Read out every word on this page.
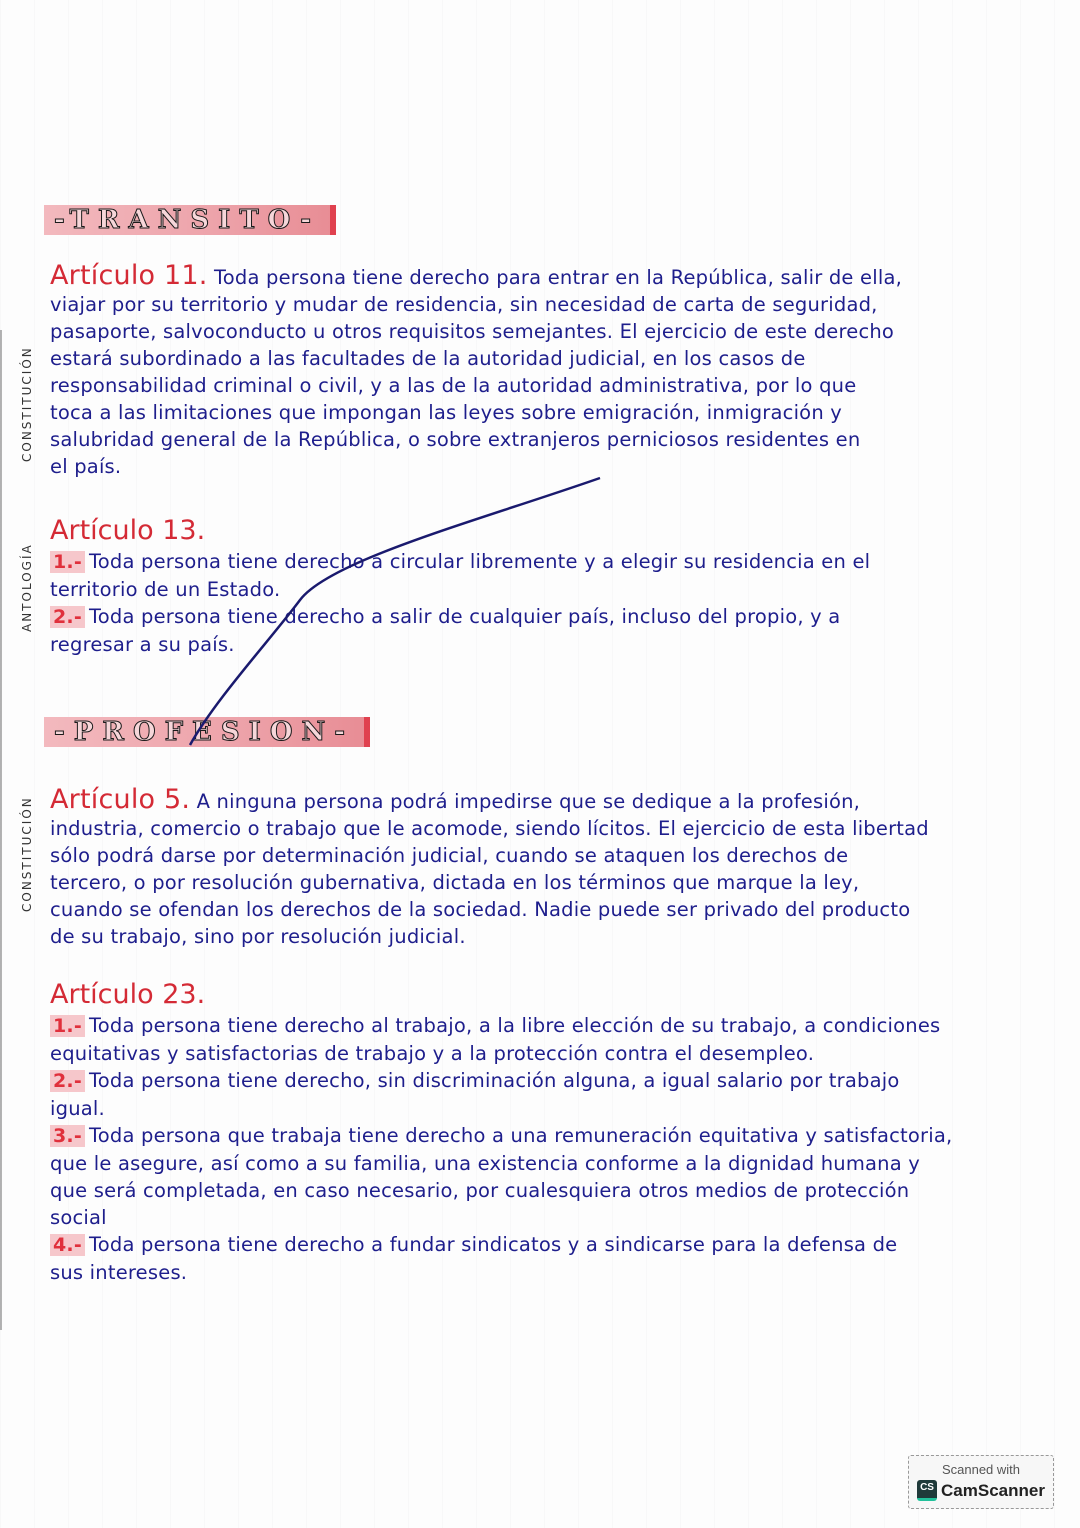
-TRANSITO-
CONSTITUCIÓN
ANTOLOGÍA
CONSTITUCIÓN
Artículo 11. Toda persona tiene derecho para entrar en la República, salir de ella,
viajar por su territorio y mudar de residencia, sin necesidad de carta de seguridad,
pasaporte, salvoconducto u otros requisitos semejantes. El ejercicio de este derecho
estará subordinado a las facultades de la autoridad judicial, en los casos de
responsabilidad criminal o civil, y a las de la autoridad administrativa, por lo que
toca a las limitaciones que impongan las leyes sobre emigración, inmigración y
salubridad general de la República, o sobre extranjeros perniciosos residentes en
el país.
Artículo 13.
1.- Toda persona tiene derecho a circular libremente y a elegir su residencia en el
territorio de un Estado.
2.- Toda persona tiene derecho a salir de cualquier país, incluso del propio, y a
regresar a su país.
-PROFESION-
Artículo 5. A ninguna persona podrá impedirse que se dedique a la profesión,
industria, comercio o trabajo que le acomode, siendo lícitos. El ejercicio de esta libertad
sólo podrá darse por determinación judicial, cuando se ataquen los derechos de
tercero, o por resolución gubernativa, dictada en los términos que marque la ley,
cuando se ofendan los derechos de la sociedad. Nadie puede ser privado del producto
de su trabajo, sino por resolución judicial.
Artículo 23.
1.- Toda persona tiene derecho al trabajo, a la libre elección de su trabajo, a condiciones
equitativas y satisfactorias de trabajo y a la protección contra el desempleo.
2.- Toda persona tiene derecho, sin discriminación alguna, a igual salario por trabajo
igual.
3.- Toda persona que trabaja tiene derecho a una remuneración equitativa y satisfactoria,
que le asegure, así como a su familia, una existencia conforme a la dignidad humana y
que será completada, en caso necesario, por cualesquiera otros medios de protección
social
4.- Toda persona tiene derecho a fundar sindicatos y a sindicarse para la defensa de
sus intereses.
Scanned with
CS CamScanner
